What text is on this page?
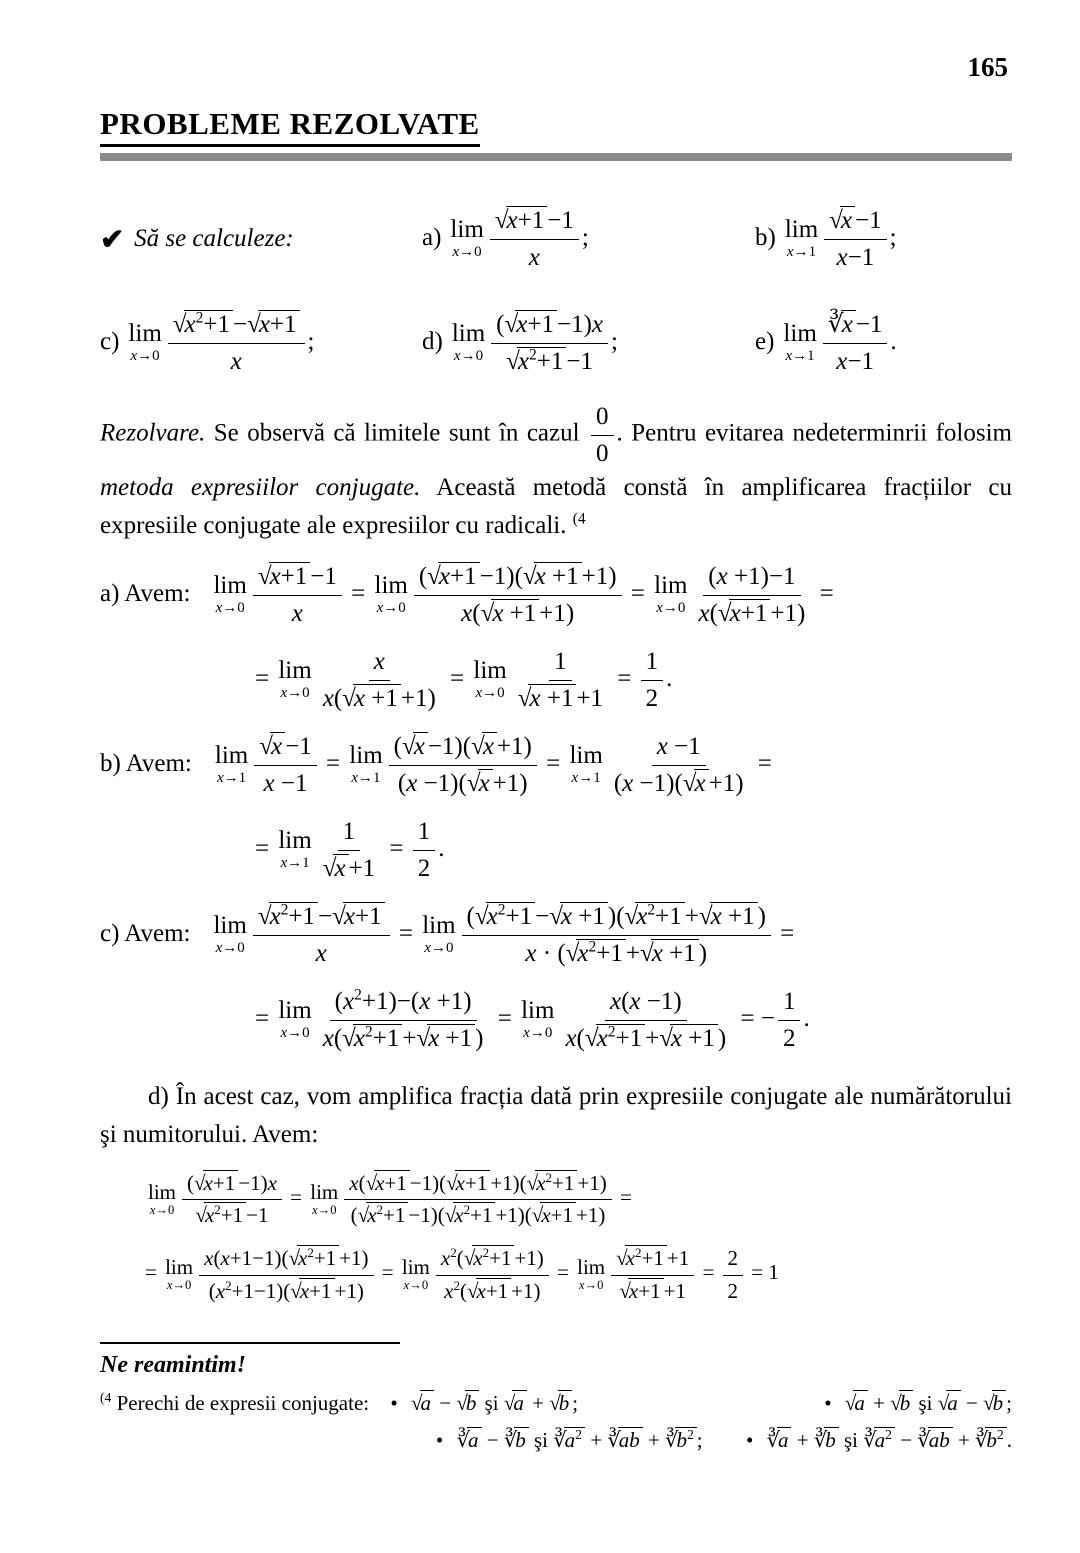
165
PROBLEME REZOLVATE
✔ Să se calculeze:	a) lim
$x\to 0 \frac{√x+1 -1}{x}$ ;	b) lim
$x\to 1 \frac{√x -1}{x-1}$ ;
c) lim
$x\to 0 \frac{√x^2+1 -√x+1}{x}$ ;	d) lim
$x\to 0 \frac{(√x+1 -1)x}{√x^2+1 -1}$ ;	e) lim
$x\to 1 \frac{∛x -1}{x-1}$ .

Rezolvare. Se observă că limitele sunt în cazul $\frac{0}{0}$ . Pentru evitarea nedeterminrii folosim metoda expresiilor conjugate. Această metodă constă în amplificarea fracțiilor cu expresiile conjugate ale expresiilor cu radicali. $^{(4}$

a) Avem: lim
$x\to 0 \frac{√x+1 -1}{x} = \lim$
$x\to 0 \frac{(√x+1 -1)(√x +1 +1)}{x(√x +1 +1)} = \lim$
$x\to 0 \frac{(x +1)-1}{x(√x+1 +1)}$ =
= lim
$x\to 0 \frac{x}{x(√x +1 +1)} = \lim$
$x\to 0 \frac{1}{√x +1 +1} = \frac{1}{2}$ .
b) Avem: lim
$x\to 1 \frac{√x -1}{x -1} = \lim$
$x\to 1 \frac{(√x -1)(√x +1)}{(x -1)(√x +1)} = \lim$
$x\to 1 \frac{x -1}{(x -1)(√x +1)}$ =
= lim
$x\to 1 \frac{1}{√x +1} = \frac{1}{2}$ .
c) Avem: lim
$x\to 0 \frac{√x^2+1 -√x+1}{x} = \lim$
$x\to 0 \frac{(√x^2+1 -√x +1 )(√x^2+1 +√x +1 )}{x \cdot (√x^2+1 +√x +1 )}$ =
= lim
$x\to 0 \frac{(x^2+1)-(x +1)}{x(√x^2+1 +√x +1 )} = \lim$
$x\to 0 \frac{x(x -1)}{x(√x^2+1 +√x +1 )}$ = − $\frac{1}{2}$ .

d) În acest caz, vom amplifica fracția dată prin expresiile conjugate ale numărătorului şi numitorului. Avem:

lim
$x\to 0 \frac{(√x+1 -1)x}{√x^2+1 -1} = \lim$
$x\to 0 \frac{x(√x+1 -1)(√x+1 +1)(√x^2+1 +1)}{(√x^2+1 -1)(√x^2+1 +1)(√x+1 +1)}$ =
= lim
$x\to 0 \frac{x(x+1-1)(√x^2+1 +1)}{(x^2+1-1)(√x+1 +1)} = \lim$
$x\to 0 \frac{x^2(√x^2+1 +1)}{x^2(√x+1 +1)} = \lim$
$x\to 0 \frac{√x^2+1 +1}{√x+1 +1} = \frac{2}{2} = 1$
Ne reamintim!
$^{(4}$ Perechi de expresii conjugate: • √a − √b şi √a + √b ;	• √a + √b şi √a − √b ;
• ∛a − ∛b şi $∛a^2$ + ∛ab + $∛b^2$ ;	• ∛a + ∛b şi $∛a^2$ − ∛ab + $∛b^2$ .
